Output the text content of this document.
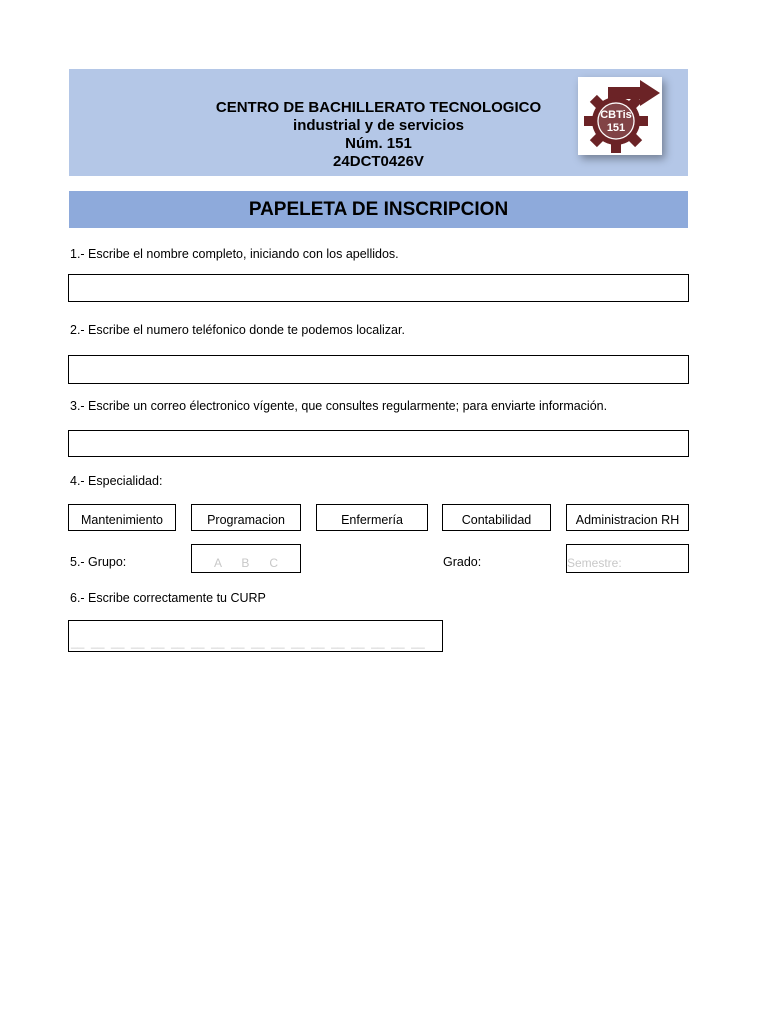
CENTRO DE BACHILLERATO TECNOLOGICO
industrial y de servicios
Núm. 151
24DCT0426V
CBTis
151
PAPELETA DE INSCRIPCION
1.- Escribe el nombre completo, iniciando con los apellidos.
2.- Escribe el numero teléfonico donde te podemos localizar.
3.- Escribe un correo électronico vígente, que consultes regularmente; para enviarte información.
4.- Especialidad:
Mantenimiento	Programacion	Enfermería	Contabilidad	Administracion RH
5.- Grupo:	A      B      C	Grado:	Semestre:
6.- Escribe correctamente tu CURP
__  __  __  __  __  __  __  __  __  __  __  __  __  __  __  __  __  __
